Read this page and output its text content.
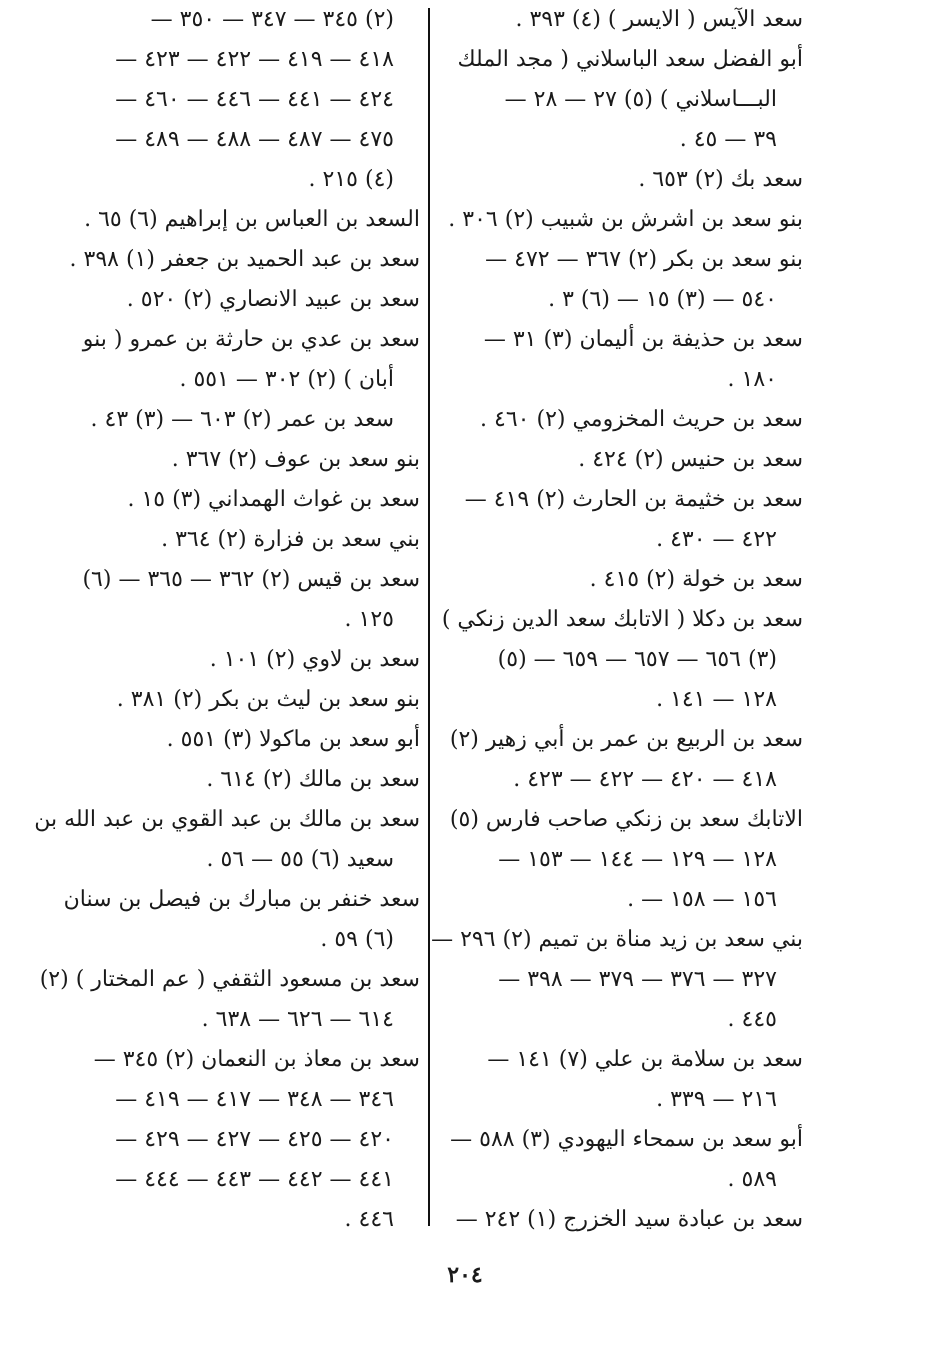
سعد الآيس ( الايسر ) (٤) ٣٩٣ .
أبو الفضل سعد الباسلاني ( مجد الملك
البـــاسلاني ) (٥) ٢٧ — ٢٨ —
٣٩ — ٤٥ .
سعد بك (٢) ٦٥٣ .
بنو سعد بن اشرش بن شبيب (٢) ٣٠٦ .
بنو سعد بن بكر (٢) ٣٦٧ — ٤٧٢ —
٥٤٠ — (٣) ١٥ — (٦) ٣ .
سعد بن حذيفة بن أليمان (٣) ٣١ —
١٨٠ .
سعد بن حريث المخزومي (٢) ٤٦٠ .
سعد بن حنيس (٢) ٤٢٤ .
سعد بن خثيمة بن الحارث (٢) ٤١٩ —
٤٢٢ — ٤٣٠ .
سعد بن خولة (٢) ٤١٥ .
سعد بن دكلا ( الاتابك سعد الدين زنكي )
(٣) ٦٥٦ — ٦٥٧ — ٦٥٩ — (٥)
١٢٨ — ١٤١ .
سعد بن الربيع بن عمر بن أبي زهير (٢)
٤١٨ — ٤٢٠ — ٤٢٢ — ٤٢٣ .
الاتابك سعد بن زنكي صاحب فارس (٥)
١٢٨ — ١٢٩ — ١٤٤ — ١٥٣ —
١٥٦ — ١٥٨ — .
بني سعد بن زيد مناة بن تميم (٢) ٢٩٦ —
٣٢٧ — ٣٧٦ — ٣٧٩ — ٣٩٨ —
٤٤٥ .
سعد بن سلامة بن علي (٧) ١٤١ —
٢١٦ — ٣٣٩ .
أبو سعد بن سمحاء اليهودي (٣) ٥٨٨ —
٥٨٩ .
سعد بن عبادة سيد الخزرج (١) ٢٤٢ —
(٢) ٣٤٥ — ٣٤٧ — ٣٥٠ —
٤١٨ — ٤١٩ — ٤٢٢ — ٤٢٣ —
٤٢٤ — ٤٤١ — ٤٤٦ — ٤٦٠ —
٤٧٥ — ٤٨٧ — ٤٨٨ — ٤٨٩ —
(٤) ٢١٥ .
السعد بن العباس بن إبراهيم (٦) ٦٥ .
سعد بن عبد الحميد بن جعفر (١) ٣٩٨ .
سعد بن عبيد الانصاري (٢) ٥٢٠ .
سعد بن عدي بن حارثة بن عمرو ( بنو
أبان ) (٢) ٣٠٢ — ٥٥١ .
سعد بن عمر (٢) ٦٠٣ — (٣) ٤٣ .
بنو سعد بن عوف (٢) ٣٦٧ .
سعد بن غواث الهمداني (٣) ١٥ .
بني سعد بن فزارة (٢) ٣٦٤ .
سعد بن قيس (٢) ٣٦٢ — ٣٦٥ — (٦)
١٢٥ .
سعد بن لاوي (٢) ١٠١ .
بنو سعد بن ليث بن بكر (٢) ٣٨١ .
أبو سعد بن ماكولا (٣) ٥٥١ .
سعد بن مالك (٢) ٦١٤ .
سعد بن مالك بن عبد القوي بن عبد الله بن
سعيد (٦) ٥٥ — ٥٦ .
سعد خنفر بن مبارك بن فيصل بن سنان
(٦) ٥٩ .
سعد بن مسعود الثقفي ( عم المختار ) (٢)
٦١٤ — ٦٢٦ — ٦٣٨ .
سعد بن معاذ بن النعمان (٢) ٣٤٥ —
٣٤٦ — ٣٤٨ — ٤١٧ — ٤١٩ —
٤٢٠ — ٤٢٥ — ٤٢٧ — ٤٢٩ —
٤٤١ — ٤٤٢ — ٤٤٣ — ٤٤٤ —
٤٤٦ .
٢٠٤
